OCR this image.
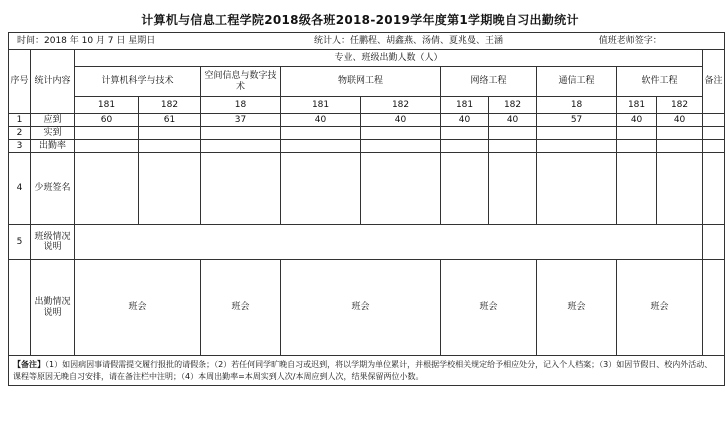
计算机与信息工程学院2018级各班2018-2019学年度第1学期晚自习出勤统计
时间：2018 年 10 月 7 日 星期日					统计人：任鹏程、胡鑫燕、汤倩、夏兆曼、王涵				值班老师签字：			
序号	统计内容	专业、班级出勤人数（人）										备注
		计算机科学与技术		空间信息与数字技术	物联网工程		网络工程		通信工程	软件工程		

		181	182	18	181	182	181	182	18	181	182	
1	应到	60	61	37	40	40	40	40	57	40	40	
2	实到											
3	出勤率											
4	少班签名											
5	班级情况说明											
	出勤情况说明	班会		班会	班会		班会		班会	班会		
【备注】（1）如因病因事请假需提交履行报批的请假条；（2）若任何同学旷晚自习或迟到，将以学期为单位累计，并根据学校相关规定给予相应处分，记入个人档案；（3）如因节假日、校内外活动、课程等原因无晚自习安排，请在备注栏中注明；（4）本周出勤率=本周实到人次/本周应到人次，结果保留两位小数。												
